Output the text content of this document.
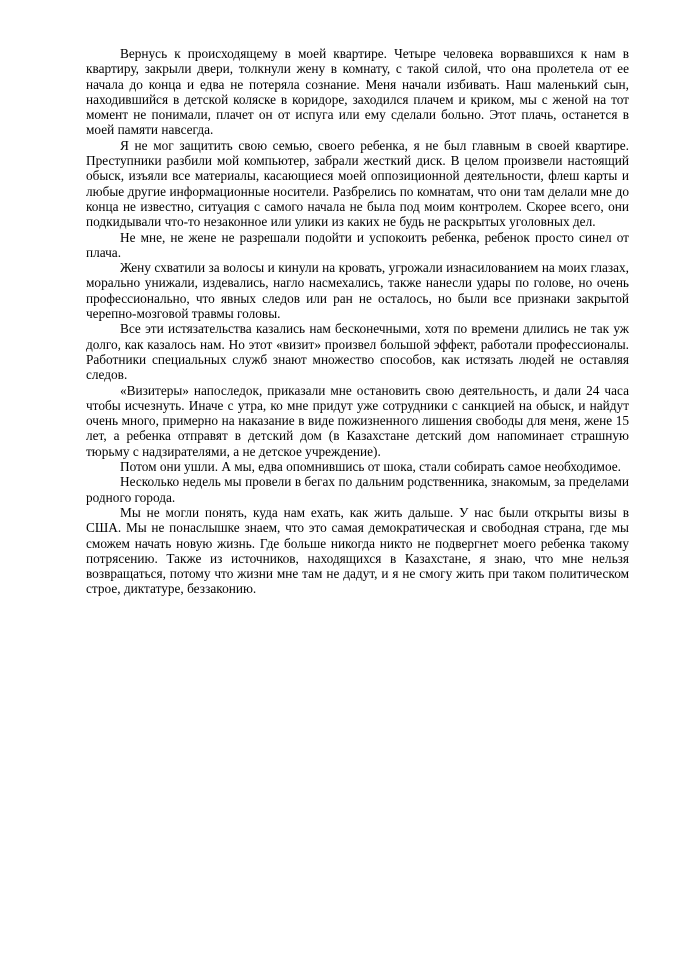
Вернусь к происходящему в моей квартире. Четыре человека ворвавшихся к нам в квартиру, закрыли двери, толкнули жену в комнату, с такой силой, что она пролетела от ее начала до конца и едва не потеряла сознание. Меня начали избивать. Наш маленький сын, находившийся в детской коляске в коридоре, заходился плачем и криком, мы с женой на тот момент не понимали, плачет он от испуга или ему сделали больно. Этот плачь, останется в моей памяти навсегда.

Я не мог защитить свою семью, своего ребенка, я не был главным в своей квартире. Преступники разбили мой компьютер, забрали жесткий диск. В целом произвели настоящий обыск, изъяли все материалы, касающиеся моей оппозиционной деятельности, флеш карты и любые другие информационные носители. Разбрелись по комнатам, что они там делали мне до конца не известно, ситуация с самого начала не была под моим контролем. Скорее всего, они подкидывали что-то незаконное или улики из каких не будь не раскрытых уголовных дел.

Не мне, не жене не разрешали подойти и успокоить ребенка, ребенок просто синел от плача.

Жену схватили за волосы и кинули на кровать, угрожали изнасилованием на моих глазах, морально унижали, издевались, нагло насмехались, также нанесли удары по голове, но очень профессионально, что явных следов или ран не осталось, но были все признаки закрытой черепно-мозговой травмы головы.

Все эти истязательства казались нам бесконечными, хотя по времени длились не так уж долго, как казалось нам. Но этот «визит» произвел большой эффект, работали профессионалы. Работники специальных служб знают множество способов, как истязать людей не оставляя следов.

«Визитеры» напоследок, приказали мне остановить свою деятельность, и дали 24 часа чтобы исчезнуть. Иначе с утра, ко мне придут уже сотрудники с санкцией на обыск, и найдут очень много, примерно на наказание в виде пожизненного лишения свободы для меня, жене 15 лет, а ребенка отправят в детский дом (в Казахстане детский дом напоминает страшную тюрьму с надзирателями, а не детское учреждение).

Потом они ушли. А мы, едва опомнившись от шока, стали собирать самое необходимое.

Несколько недель мы провели в бегах по дальним родственника, знакомым, за пределами родного города.

Мы не могли понять, куда нам ехать, как жить дальше. У нас были открыты визы в США. Мы не понаслышке знаем, что это самая демократическая и свободная страна, где мы сможем начать новую жизнь. Где больше никогда никто не подвергнет моего ребенка такому потрясению. Также из источников, находящихся в Казахстане, я знаю, что мне нельзя возвращаться, потому что жизни мне там не дадут, и я не смогу жить при таком политическом строе, диктатуре, беззаконию.
